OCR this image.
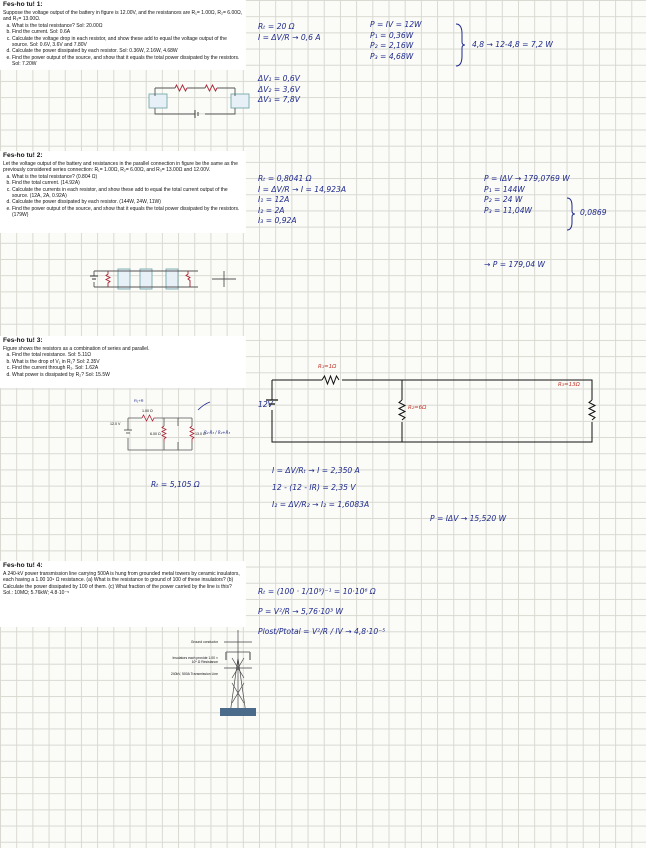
Fes-ho tu! 1:

Suppose the voltage output of the battery in figure is 12.00V, and the resistances are R₁= 1.00Ω, R₂= 6.00Ω, and R₃= 13.00Ω.

a. What is the total resistance? Sol: 20.00Ω
b. Find the current. Sol: 0.6A
c. Calculate the voltage drop in each resistor, and show these add to equal the voltage output of the source. Sol: 0.6V, 3.6V and 7.80V
d. Calculate the power dissipated by each resistor. Sol: 0.36W, 2.16W, 4.68W
e. Find the power output of the source, and show that it equals the total power dissipated by the resistors. Sol: 7.20W
Rₜ = 20 Ω
I = ΔV/R → 0,6 A
ΔV₁ = 0,6V
ΔV₂ = 3,6V
ΔV₃ = 7,8V
P = IV = 12W
P₁ = 0,36W
P₂ = 2,16W
P₃ = 4,68W
4,8 → 12-4,8 = 7,2 W
Fes-ho tu! 2:

Let the voltage output of the battery and resistances in the parallel connection in figure be the same as the previously considered series connection: R₁= 1.00Ω, R₂= 6.00Ω, and R₃= 13.00Ω and 12.00V.

a. What is the total resistance? (0.804 Ω)
b. Find the total current. (14.92A)
c. Calculate the currents in each resistor, and show these add to equal the total current output of the source. (12A, 2A, 0.92A)
d. Calculate the power dissipated by each resistor. (144W, 24W, 11W)
e. Find the power output of the source, and show that it equals the total power dissipated by the resistors. (179W)
Rₜ = 0,8041 Ω
I = ΔV/R → I = 14,923A
I₁ = 12A
I₂ = 2A
I₃ = 0,92A
P = IΔV → 179,0769 W
P₁ = 144W
P₂ = 24 W
P₃ = 11,04W	0,0869
→ P = 179,04 W
Fes-ho tu! 3:

Figure shows the resistors as a combination of series and parallel.

a. Find the total resistance. Sol: 5.11Ω
b. What is the drop of V₁ in R₁? Sol: 2.35V
c. Find the current through R₂. Sol: 1.62A
d. What power is dissipated by R₂? Sol: 15.5W
12.0 V
1.00 Ω
6.00 Ω	13.0 Ω
R₁+R
R₂·R₃ / R₂+R₃
Rₜ = 5,105 Ω
R₁=1Ω
R₂=6Ω
R₃=13Ω
12V
I = ΔV/Rₜ → I = 2,350 A
12 - (12 - IR) = 2,35 V
I₂ = ΔV/R₂ → I₂ = 1,6083A
P = IΔV → 15,520 W
Fes-ho tu! 4:

A 240-kV power transmission line carrying 500A is hung from grounded metal towers by ceramic insulators, each having a 1.00 10⁹ Ω resistance. (a) What is the resistance to ground of 100 of these insulators? (b) Calculate the power dissipated by 100 of them. (c) What fraction of the power carried by the line is this?

Sol.: 10MΩ; 5.76kW; 4.8·10⁻⁵

Ground conductor
Insulators each provide 1.00 × 10⁹ Ω Resistance
240kV, 500A Transmission Line
Rₜ = (100 · 1/10⁹)⁻¹ = 10·10⁶ Ω
P = V²/R → 5,76·10³ W
Plost/Ptotal = V²/R / IV → 4,8·10⁻⁵
